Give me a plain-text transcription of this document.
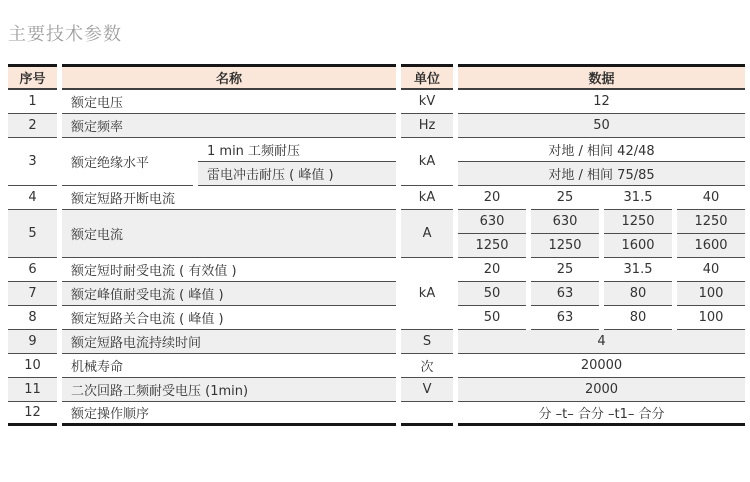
主要技术参数
序号	名称		单位	数据			
1	额定电压		kV	12			
2	额定频率		Hz	50			
3	额定绝缘水平	1 min 工频耐压	kA	对地 / 相间 42/48			
		雷电冲击耐压 ( 峰值 )		对地 / 相间 75/85			
4	额定短路开断电流		kA	20	25	31.5	40
5	额定电流		A	630	630	1250	1250
				1250	1250	1600	1600
6	额定短时耐受电流 ( 有效值 )		kA	20	25	31.5	40
7	额定峰值耐受电流 ( 峰值 )			50	63	80	100
8	额定短路关合电流 ( 峰值 )			50	63	80	100
9	额定短路电流持续时间		S	4			
10	机械寿命		次	20000			
11	二次回路工频耐受电压 (1min)		V	2000			
12	额定操作顺序			分 –t– 合分 –t1– 合分			
